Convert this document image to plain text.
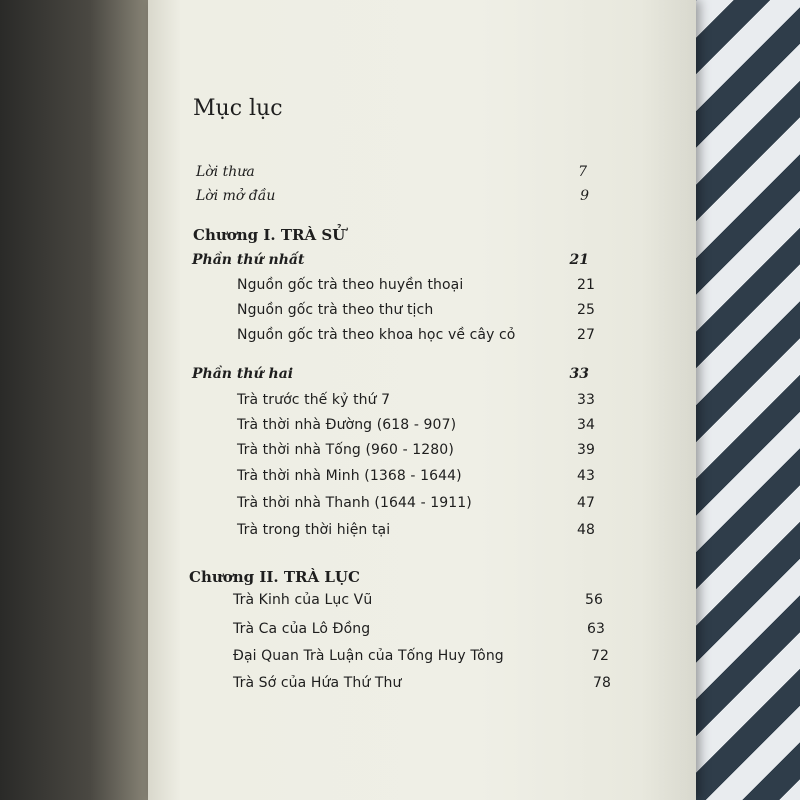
Mục lục
Lời thưa	7
Lời mở đầu	9
Chương I. TRÀ SỬ
Phần thứ nhất	21
Nguồn gốc trà theo huyền thoại	21
Nguồn gốc trà theo thư tịch	25
Nguồn gốc trà theo khoa học về cây cỏ	27
Phần thứ hai	33
Trà trước thế kỷ thứ 7	33
Trà thời nhà Đường (618 - 907)	34
Trà thời nhà Tống (960 - 1280)	39
Trà thời nhà Minh (1368 - 1644)	43
Trà thời nhà Thanh (1644 - 1911)	47
Trà trong thời hiện tại	48
Chương II. TRÀ LỤC
Trà Kinh của Lục Vũ	56
Trà Ca của Lô Đồng	63
Đại Quan Trà Luận của Tống Huy Tông	72
Trà Sớ của Hứa Thứ Thư	78
